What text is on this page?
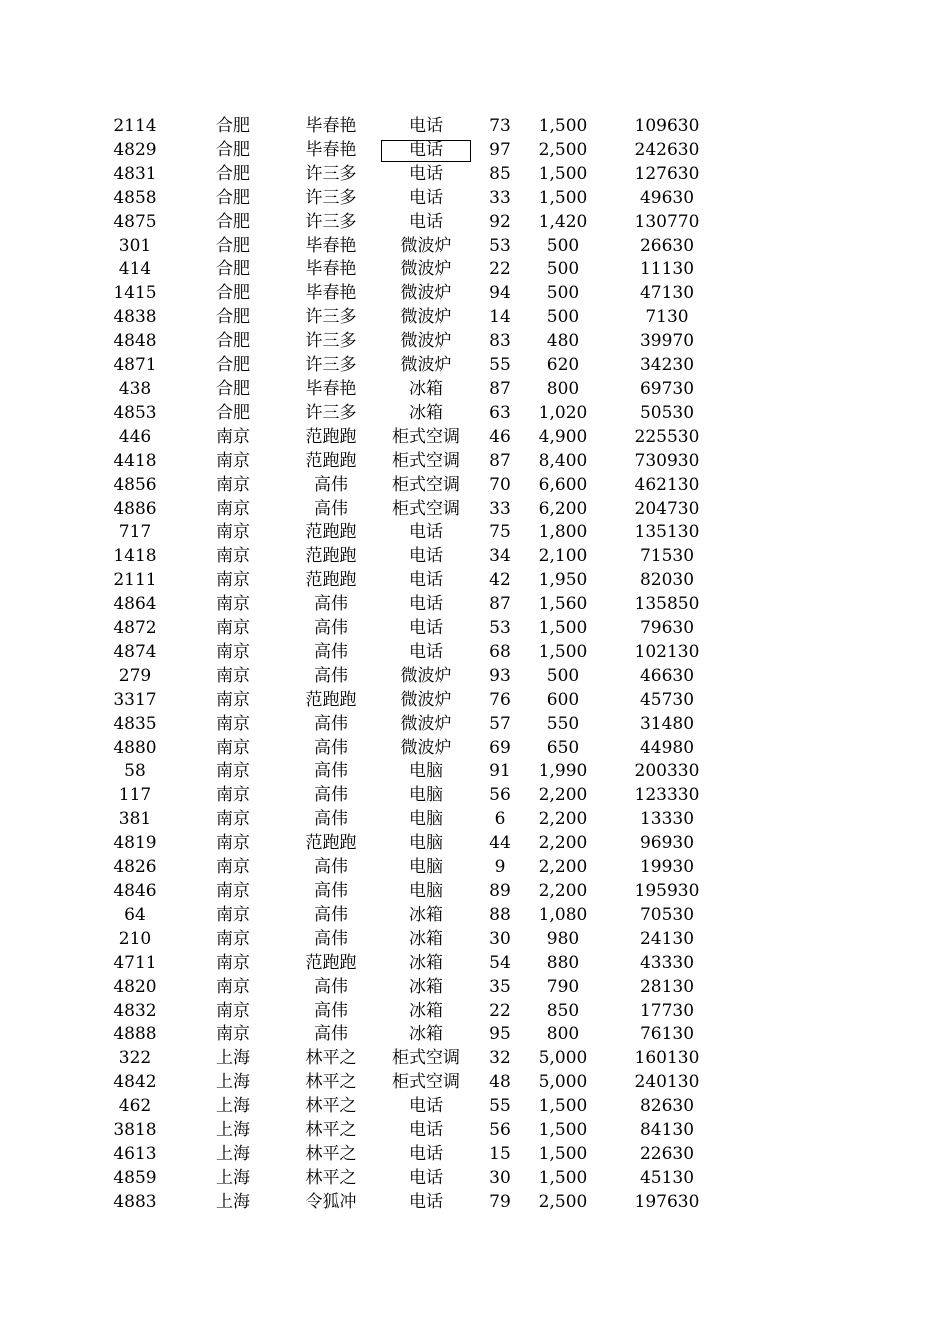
2114	合肥	毕春艳	电话	73	1,500	109630
4829	合肥	毕春艳	电话	97	2,500	242630
4831	合肥	许三多	电话	85	1,500	127630
4858	合肥	许三多	电话	33	1,500	49630
4875	合肥	许三多	电话	92	1,420	130770
301	合肥	毕春艳	微波炉	53	500	26630
414	合肥	毕春艳	微波炉	22	500	11130
1415	合肥	毕春艳	微波炉	94	500	47130
4838	合肥	许三多	微波炉	14	500	7130
4848	合肥	许三多	微波炉	83	480	39970
4871	合肥	许三多	微波炉	55	620	34230
438	合肥	毕春艳	冰箱	87	800	69730
4853	合肥	许三多	冰箱	63	1,020	50530
446	南京	范跑跑	柜式空调	46	4,900	225530
4418	南京	范跑跑	柜式空调	87	8,400	730930
4856	南京	高伟	柜式空调	70	6,600	462130
4886	南京	高伟	柜式空调	33	6,200	204730
717	南京	范跑跑	电话	75	1,800	135130
1418	南京	范跑跑	电话	34	2,100	71530
2111	南京	范跑跑	电话	42	1,950	82030
4864	南京	高伟	电话	87	1,560	135850
4872	南京	高伟	电话	53	1,500	79630
4874	南京	高伟	电话	68	1,500	102130
279	南京	高伟	微波炉	93	500	46630
3317	南京	范跑跑	微波炉	76	600	45730
4835	南京	高伟	微波炉	57	550	31480
4880	南京	高伟	微波炉	69	650	44980
58	南京	高伟	电脑	91	1,990	200330
117	南京	高伟	电脑	56	2,200	123330
381	南京	高伟	电脑	6	2,200	13330
4819	南京	范跑跑	电脑	44	2,200	96930
4826	南京	高伟	电脑	9	2,200	19930
4846	南京	高伟	电脑	89	2,200	195930
64	南京	高伟	冰箱	88	1,080	70530
210	南京	高伟	冰箱	30	980	24130
4711	南京	范跑跑	冰箱	54	880	43330
4820	南京	高伟	冰箱	35	790	28130
4832	南京	高伟	冰箱	22	850	17730
4888	南京	高伟	冰箱	95	800	76130
322	上海	林平之	柜式空调	32	5,000	160130
4842	上海	林平之	柜式空调	48	5,000	240130
462	上海	林平之	电话	55	1,500	82630
3818	上海	林平之	电话	56	1,500	84130
4613	上海	林平之	电话	15	1,500	22630
4859	上海	林平之	电话	30	1,500	45130
4883	上海	令狐冲	电话	79	2,500	197630
